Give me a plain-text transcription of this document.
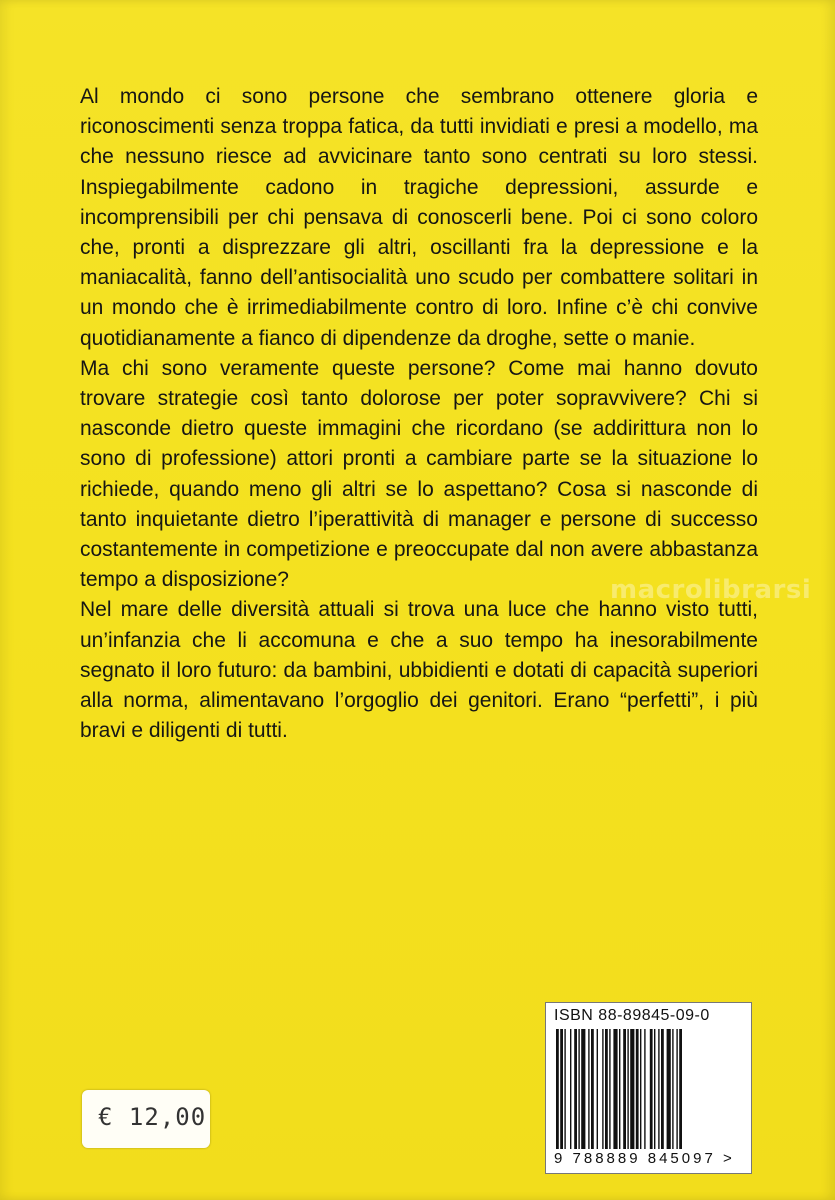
Al mondo ci sono persone che sembrano ottenere gloria e riconoscimenti senza troppa fatica, da tutti invidiati e presi a modello, ma che nessuno riesce ad avvicinare tanto sono centrati su loro stessi. Inspiegabilmente cadono in tragiche depressioni, assurde e incomprensibili per chi pensava di conoscerli bene. Poi ci sono coloro che, pronti a disprezzare gli altri, oscillanti fra la depressione e la maniacalità, fanno dell’antisocialità uno scudo per combattere solitari in un mondo che è irrimediabilmente contro di loro. Infine c’è chi convive quotidianamente a fianco di dipendenze da droghe, sette o manie.

Ma chi sono veramente queste persone? Come mai hanno dovuto trovare strategie così tanto dolorose per poter sopravvivere? Chi si nasconde dietro queste immagini che ricordano (se addirittura non lo sono di professione) attori pronti a cambiare parte se la situazione lo richiede, quando meno gli altri se lo aspettano? Cosa si nasconde di tanto inquietante dietro l’iperattività di manager e persone di successo costantemente in competizione e preoccupate dal non avere abbastanza tempo a disposizione?

Nel mare delle diversità attuali si trova una luce che hanno visto tutti, un’infanzia che li accomuna e che a suo tempo ha inesorabilmente segnato il loro futuro: da bambini, ubbidienti e dotati di capacità superiori alla norma, alimentavano l’orgoglio dei genitori. Erano “perfetti”, i più bravi e diligenti di tutti.

macrolibrarsi
ISBN 88-89845-09-0
9 788889 845097 >
€ 12,00
